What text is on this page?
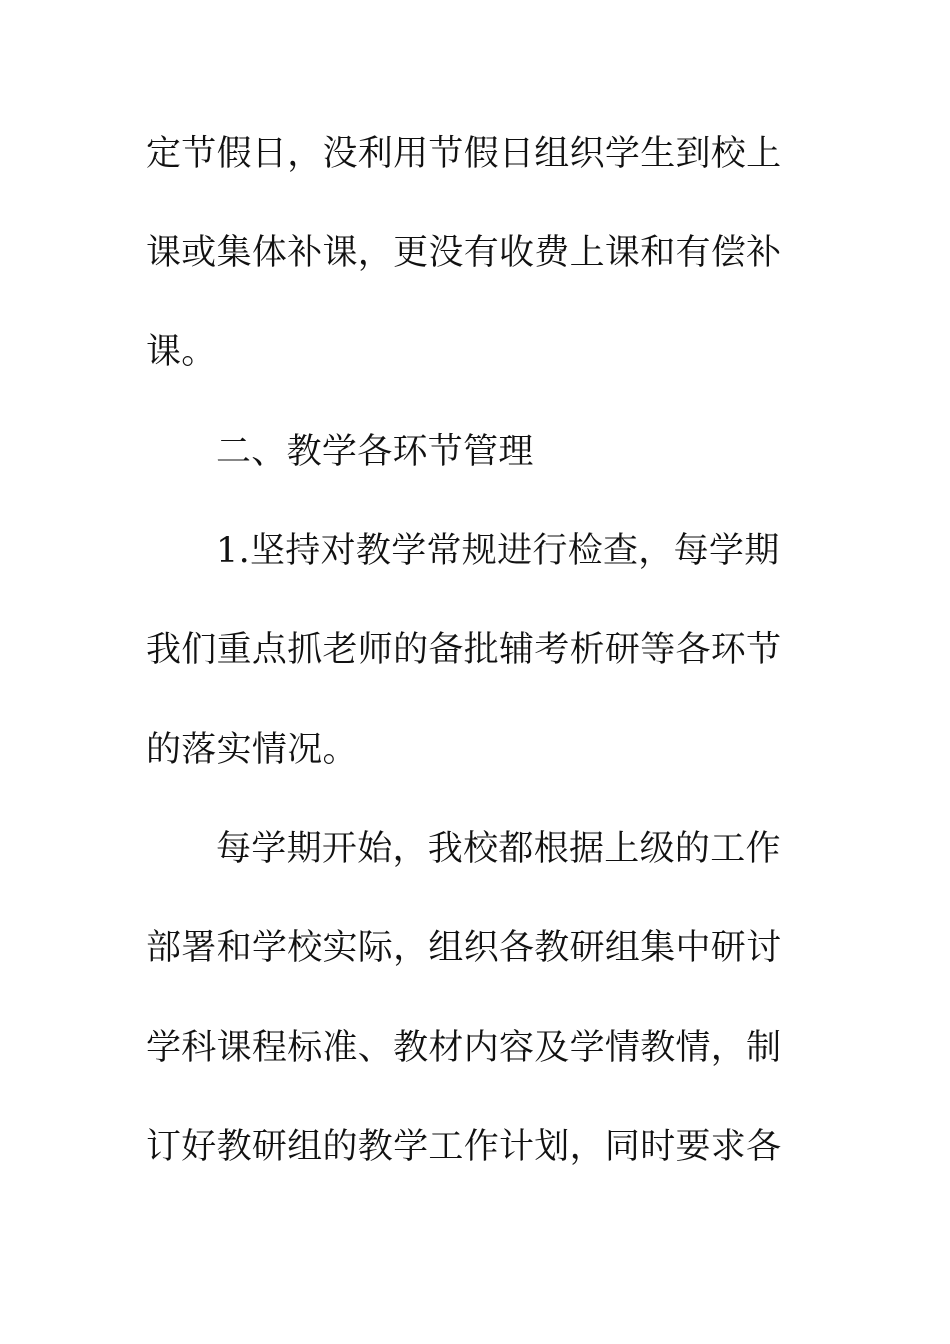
定节假日，没利用节假日组织学生到校上
课或集体补课，更没有收费上课和有偿补
课。
二、教学各环节管理
1.坚持对教学常规进行检查，每学期
我们重点抓老师的备批辅考析研等各环节
的落实情况。
每学期开始，我校都根据上级的工作
部署和学校实际，组织各教研组集中研讨
学科课程标准、教材内容及学情教情，制
订好教研组的教学工作计划，同时要求各
